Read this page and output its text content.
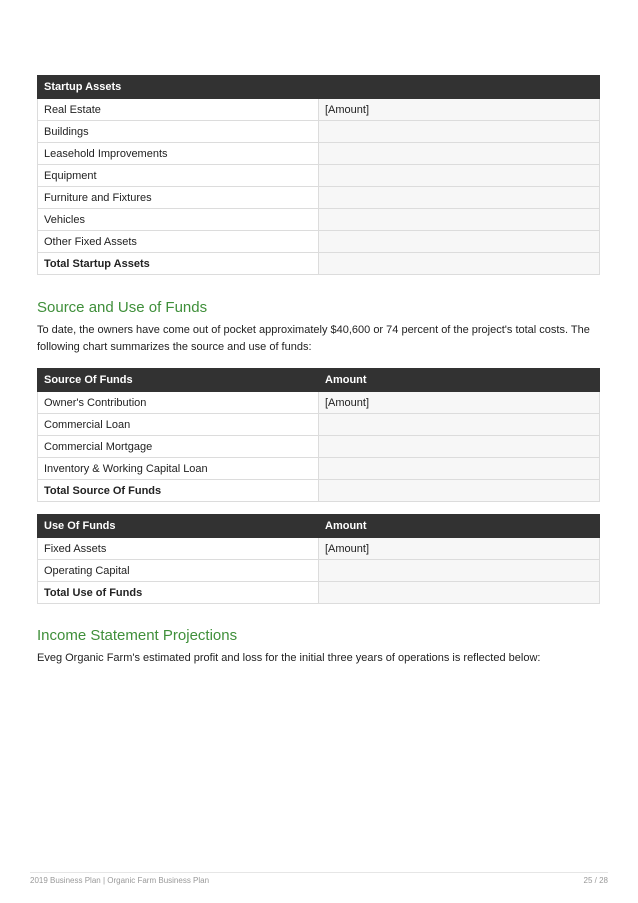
Startup Assets	
Real Estate	[Amount]
Buildings	
Leasehold Improvements	
Equipment	
Furniture and Fixtures	
Vehicles	
Other Fixed Assets	
Total Startup Assets	
Source and Use of Funds

To date, the owners have come out of pocket approximately $40,600 or 74 percent of the project's total costs. The following chart summarizes the source and use of funds:

Source Of Funds	Amount
Owner's Contribution	[Amount]
Commercial Loan	
Commercial Mortgage	
Inventory & Working Capital Loan	
Total Source Of Funds	
Use Of Funds	Amount
Fixed Assets	[Amount]
Operating Capital	
Total Use of Funds	
Income Statement Projections

Eveg Organic Farm's estimated profit and loss for the initial three years of operations is reflected below:

2019 Business Plan | Organic Farm Business Plan	25 / 28
